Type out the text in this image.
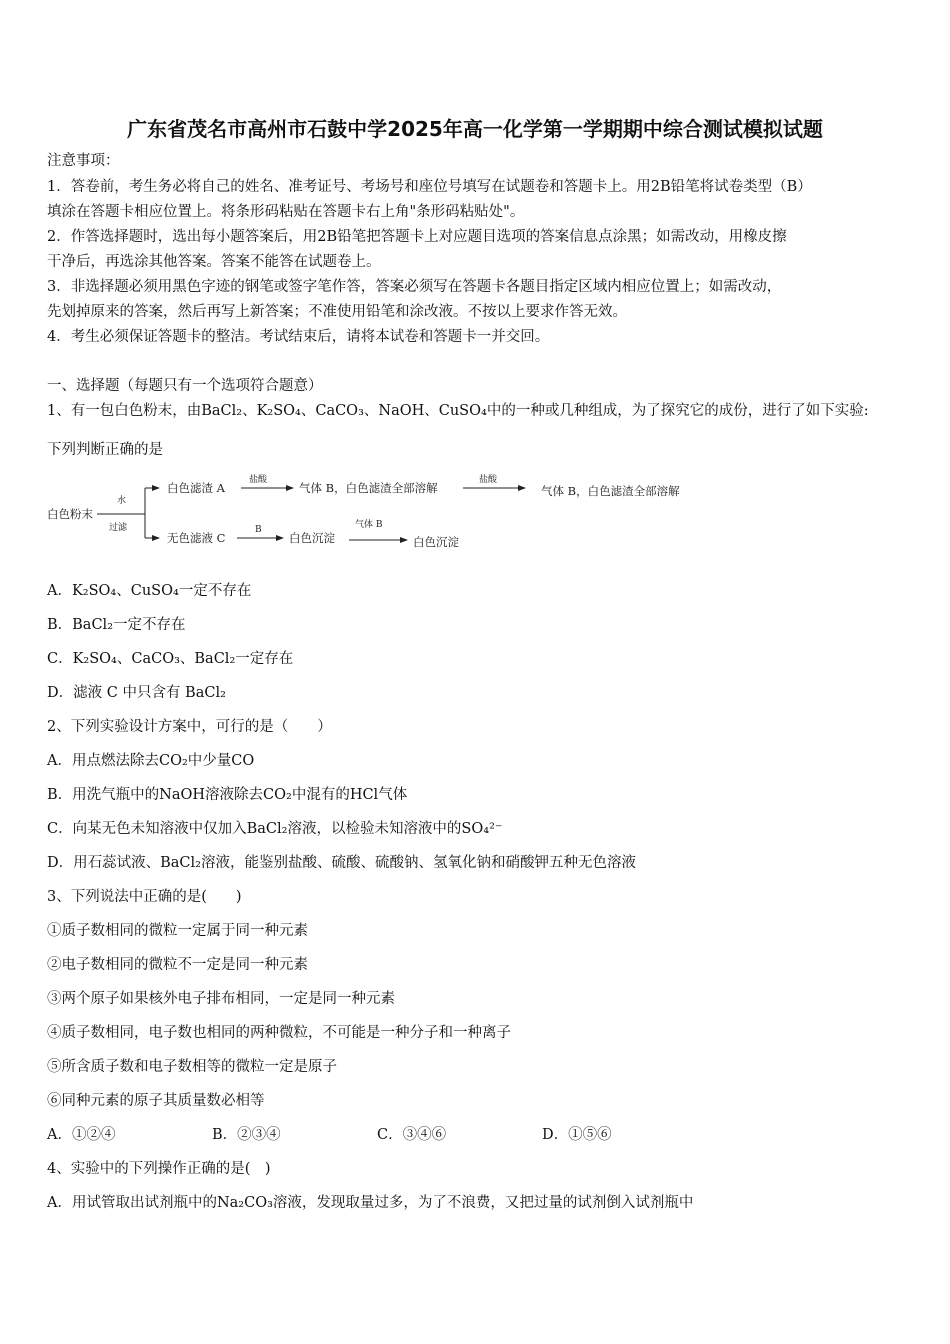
广东省茂名市高州市石鼓中学2025年高一化学第一学期期中综合测试模拟试题
注意事项：
1．答卷前，考生务必将自己的姓名、准考证号、考场号和座位号填写在试题卷和答题卡上。用2B铅笔将试卷类型（B）
填涂在答题卡相应位置上。将条形码粘贴在答题卡右上角"条形码粘贴处"。
2．作答选择题时，选出每小题答案后，用2B铅笔把答题卡上对应题目选项的答案信息点涂黑；如需改动，用橡皮擦
干净后，再选涂其他答案。答案不能答在试题卷上。
3．非选择题必须用黑色字迹的钢笔或签字笔作答，答案必须写在答题卡各题目指定区域内相应位置上；如需改动，
先划掉原来的答案，然后再写上新答案；不准使用铅笔和涂改液。不按以上要求作答无效。
4．考生必须保证答题卡的整洁。考试结束后，请将本试卷和答题卡一并交回。
一、选择题（每题只有一个选项符合题意）
1、有一包白色粉末，由BaCl₂、K₂SO₄、CaCO₃、NaOH、CuSO₄中的一种或几种组成，为了探究它的成份，进行了如下实验:
下列判断正确的是
白色粉末
水
过滤
白色滤渣 A
盐酸
气体 B，白色滤渣全部溶解
盐酸
气体 B，白色滤渣全部溶解
无色滤液 C
B
白色沉淀
气体 B
白色沉淀
A．K₂SO₄、CuSO₄一定不存在
B．BaCl₂一定不存在
C．K₂SO₄、CaCO₃、BaCl₂一定存在
D．滤液 C 中只含有 BaCl₂
2、下列实验设计方案中，可行的是（　　）
A．用点燃法除去CO₂中少量CO
B．用洗气瓶中的NaOH溶液除去CO₂中混有的HCl气体
C．向某无色未知溶液中仅加入BaCl₂溶液，以检验未知溶液中的SO₄²⁻
D．用石蕊试液、BaCl₂溶液，能鉴别盐酸、硫酸、硫酸钠、氢氧化钠和硝酸钾五种无色溶液
3、下列说法中正确的是(　　)
①质子数相同的微粒一定属于同一种元素
②电子数相同的微粒不一定是同一种元素
③两个原子如果核外电子排布相同，一定是同一种元素
④质子数相同，电子数也相同的两种微粒，不可能是一种分子和一种离子
⑤所含质子数和电子数相等的微粒一定是原子
⑥同种元素的原子其质量数必相等
A．①②④	B．②③④	C．③④⑥	D．①⑤⑥
4、实验中的下列操作正确的是(　)
A．用试管取出试剂瓶中的Na₂CO₃溶液，发现取量过多，为了不浪费，又把过量的试剂倒入试剂瓶中
